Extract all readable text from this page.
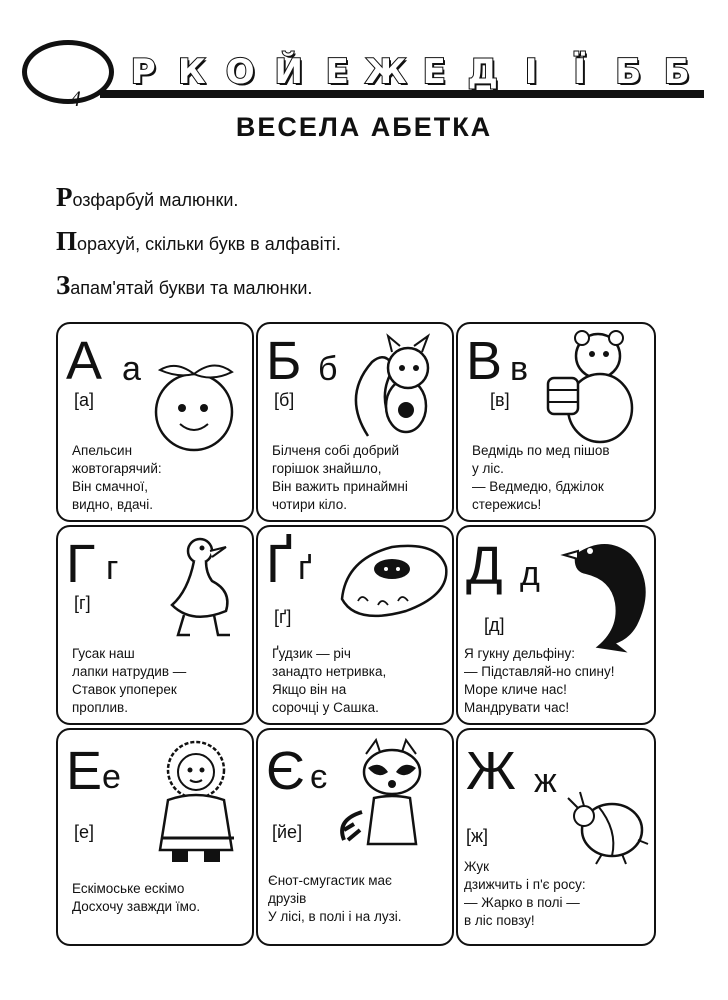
Р К О Й Е Ж Е Д І	Ї Б Б
4
ВЕСЕЛА АБЕТКА
Розфарбуй малюнки.
Порахуй, скільки букв в алфавіті.
Запам'ятай букви та малюнки.
А а
[а]
Апельсин
жовтогарячий:
Він смачної,
видно, вдачі.
Б б
[б]
Білченя собі добрий
горішок знайшло,
Він важить принаймні
чотири кіло.
В в
[в]
Ведмідь по мед пішов
у ліс.
— Ведмедю, бджілок
стережись!
Г г
[г]
Гусак наш
лапки натрудив —
Ставок упоперек
проплив.
Ґ ґ
[ґ]
Ґудзик — річ
занадто нетривка,
Якщо він на
сорочці у Сашка.
Д д
[д]
Я гукну дельфіну:
— Підставляй-но спину!
Море кличе нас!
Мандрувати час!
Е е
[е]
Ескімоське ескімо
Досхочу завжди їмо.
Є є
[йе]
Єнот-смугастик має
друзів
У лісі, в полі і на лузі.
Ж ж
[ж]
Жук
дзижчить і п'є росу:
— Жарко в полі —
в ліс повзу!
